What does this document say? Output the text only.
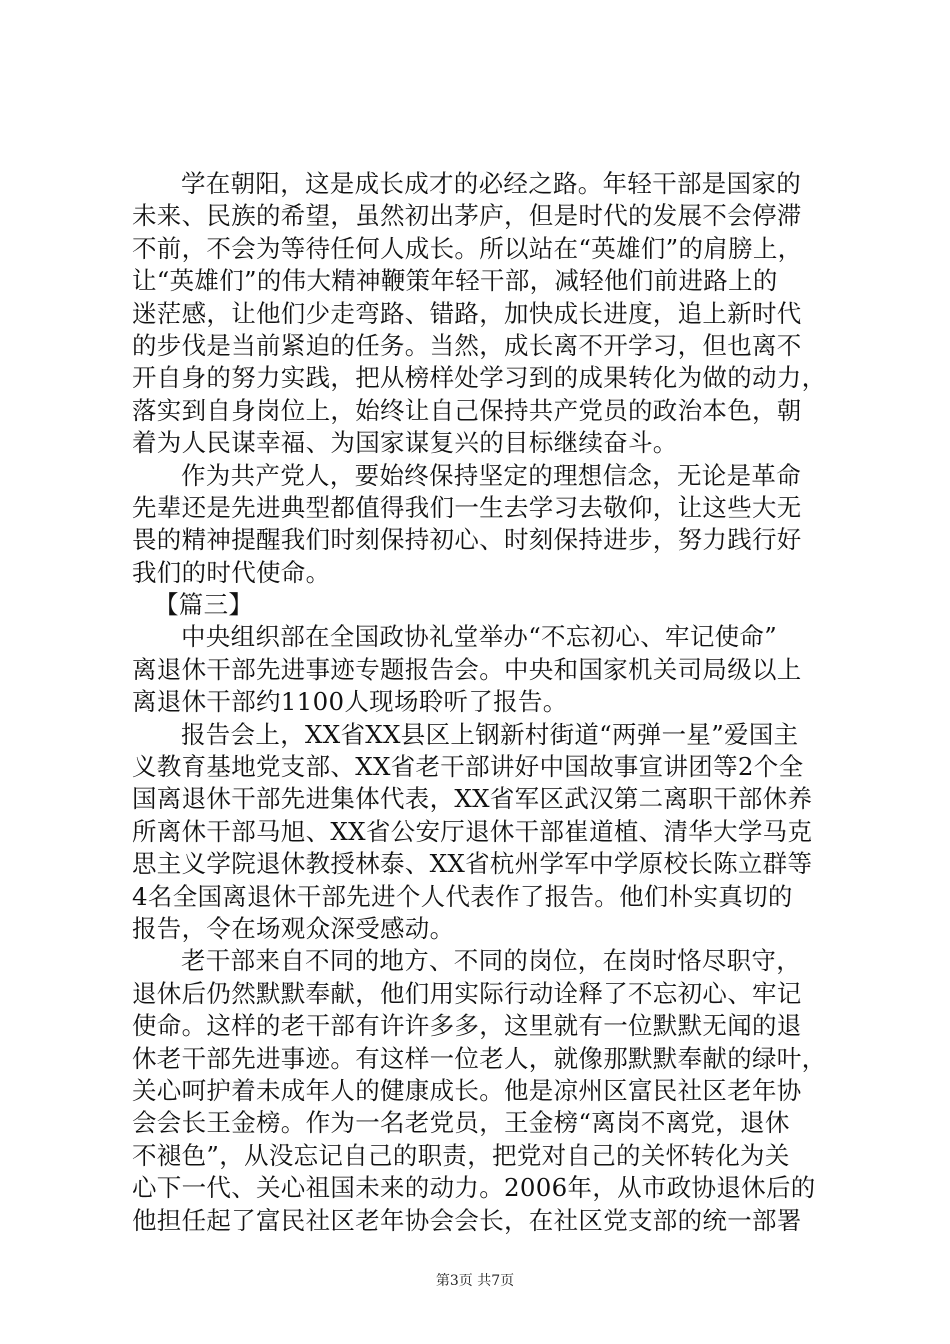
学在朝阳，这是成长成才的必经之路。年轻干部是国家的
未来、民族的希望，虽然初出茅庐，但是时代的发展不会停滞
不前，不会为等待任何人成长。所以站在“英雄们”的肩膀上，
让“英雄们”的伟大精神鞭策年轻干部，减轻他们前进路上的
迷茫感，让他们少走弯路、错路，加快成长进度，追上新时代
的步伐是当前紧迫的任务。当然，成长离不开学习，但也离不
开自身的努力实践，把从榜样处学习到的成果转化为做的动力，
落实到自身岗位上，始终让自己保持共产党员的政治本色，朝
着为人民谋幸福、为国家谋复兴的目标继续奋斗。
作为共产党人，要始终保持坚定的理想信念，无论是革命
先辈还是先进典型都值得我们一生去学习去敬仰，让这些大无
畏的精神提醒我们时刻保持初心、时刻保持进步，努力践行好
我们的时代使命。
【篇三】
中央组织部在全国政协礼堂举办“不忘初心、牢记使命”
离退休干部先进事迹专题报告会。中央和国家机关司局级以上
离退休干部约1100人现场聆听了报告。
报告会上，XX省XX县区上钢新村街道“两弹一星”爱国主
义教育基地党支部、XX省老干部讲好中国故事宣讲团等2个全
国离退休干部先进集体代表，XX省军区武汉第二离职干部休养
所离休干部马旭、XX省公安厅退休干部崔道植、清华大学马克
思主义学院退休教授林泰、XX省杭州学军中学原校长陈立群等
4名全国离退休干部先进个人代表作了报告。他们朴实真切的
报告，令在场观众深受感动。
老干部来自不同的地方、不同的岗位，在岗时恪尽职守，
退休后仍然默默奉献，他们用实际行动诠释了不忘初心、牢记
使命。这样的老干部有许许多多，这里就有一位默默无闻的退
休老干部先进事迹。有这样一位老人，就像那默默奉献的绿叶，
关心呵护着未成年人的健康成长。他是凉州区富民社区老年协
会会长王金榜。作为一名老党员，王金榜“离岗不离党，退休
不褪色”，从没忘记自己的职责，把党对自己的关怀转化为关
心下一代、关心祖国未来的动力。2006年，从市政协退休后的
他担任起了富民社区老年协会会长，在社区党支部的统一部署
第3页 共7页
